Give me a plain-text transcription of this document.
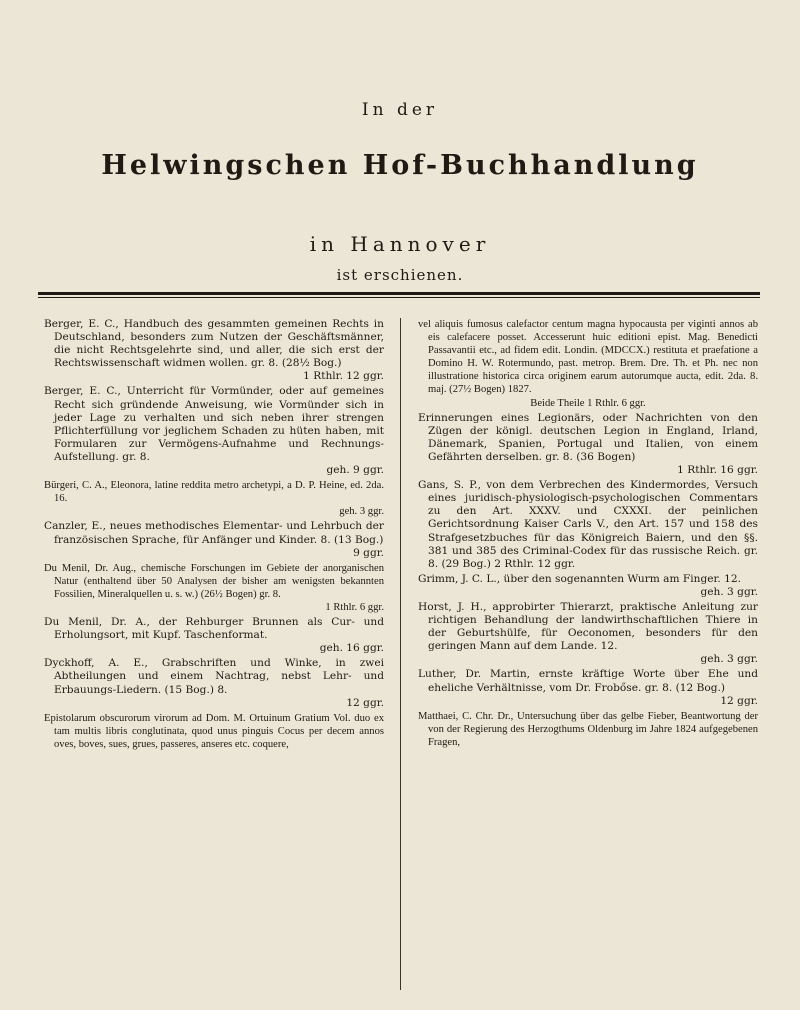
In der
Helwingschen Hof-Buchhandlung
in Hannover
ist erschienen.
Berger, E. C., Handbuch des gesammten gemeinen Rechts in Deutschland, besonders zum Nutzen der Geschäftsmänner, die nicht Rechtsgelehrte sind, und aller, die sich erst der Rechtswissenschaft widmen wollen. gr. 8. (28½ Bog.)
1 Rthlr. 12 ggr.
Berger, E. C., Unterricht für Vormünder, oder auf gemeines Recht sich gründende Anweisung, wie Vormünder sich in jeder Lage zu verhalten und sich neben ihrer strengen Pflichterfüllung vor jeglichem Schaden zu hüten haben, mit Formularen zur Vermögens-Aufnahme und Rechnungs-Aufstellung. gr. 8.
geh. 9 ggr.
Bürgeri, C. A., Eleonora, latine reddita metro archetypi, a D. P. Heine, ed. 2da. 16.
geh. 3 ggr.
Canzler, E., neues methodisches Elementar- und Lehrbuch der französischen Sprache, für Anfänger und Kinder. 8. (13 Bog.)
9 ggr.
Du Menil, Dr. Aug., chemische Forschungen im Gebiete der anorganischen Natur (enthaltend über 50 Analysen der bisher am wenigsten bekannten Fossilien, Mineralquellen u. s. w.) (26½ Bogen) gr. 8.
1 Rthlr. 6 ggr.
Du Menil, Dr. A., der Rehburger Brunnen als Cur- und Erholungsort, mit Kupf. Taschenformat.
geh. 16 ggr.
Dyckhoff, A. E., Grabschriften und Winke, in zwei Abtheilungen und einem Nachtrag, nebst Lehr- und Erbauungs-Liedern. (15 Bog.) 8.
12 ggr.
Epistolarum obscurorum virorum ad Dom. M. Ortuinum Gratium Vol. duo ex tam multis libris conglutinata, quod unus pinguis Cocus per decem annos oves, boves, sues, grues, passeres, anseres etc. coquere,
vel aliquis fumosus calefactor centum magna hypocausta per viginti annos ab eis calefacere posset. Accesserunt huic editioni epist. Mag. Benedicti Passavantii etc., ad fidem edit. Londin. (MDCCX.) restituta et praefatione a Domino H. W. Rotermundo, past. metrop. Brem. Dre. Th. et Ph. nec non illustratione historica circa originem earum autorumque aucta, edit. 2da. 8. maj. (27½ Bogen) 1827.
Beide Theile 1 Rthlr. 6 ggr.
Erinnerungen eines Legionärs, oder Nachrichten von den Zügen der königl. deutschen Legion in England, Irland, Dänemark, Spanien, Portugal und Italien, von einem Gefährten derselben. gr. 8. (36 Bogen)
1 Rthlr. 16 ggr.
Gans, S. P., von dem Verbrechen des Kindermordes, Versuch eines juridisch-physiologisch-psychologischen Commentars zu den Art. XXXV. und CXXXI. der peinlichen Gerichtsordnung Kaiser Carls V., den Art. 157 und 158 des Strafgesetzbuches für das Königreich Baiern, und den §§. 381 und 385 des Criminal-Codex für das russische Reich. gr. 8. (29 Bog.) 2 Rthlr. 12 ggr.
Grimm, J. C. L., über den sogenannten Wurm am Finger. 12.
geh. 3 ggr.
Horst, J. H., approbirter Thierarzt, praktische Anleitung zur richtigen Behandlung der landwirthschaftlichen Thiere in der Geburtshülfe, für Oeconomen, besonders für den geringen Mann auf dem Lande. 12.
geh. 3 ggr.
Luther, Dr. Martin, ernste kräftige Worte über Ehe und eheliche Verhältnisse, vom Dr. Frobőse. gr. 8. (12 Bog.)
12 ggr.
Matthaei, C. Chr. Dr., Untersuchung über das gelbe Fieber, Beantwortung der von der Regierung des Herzogthums Oldenburg im Jahre 1824 aufgegebenen Fragen,
